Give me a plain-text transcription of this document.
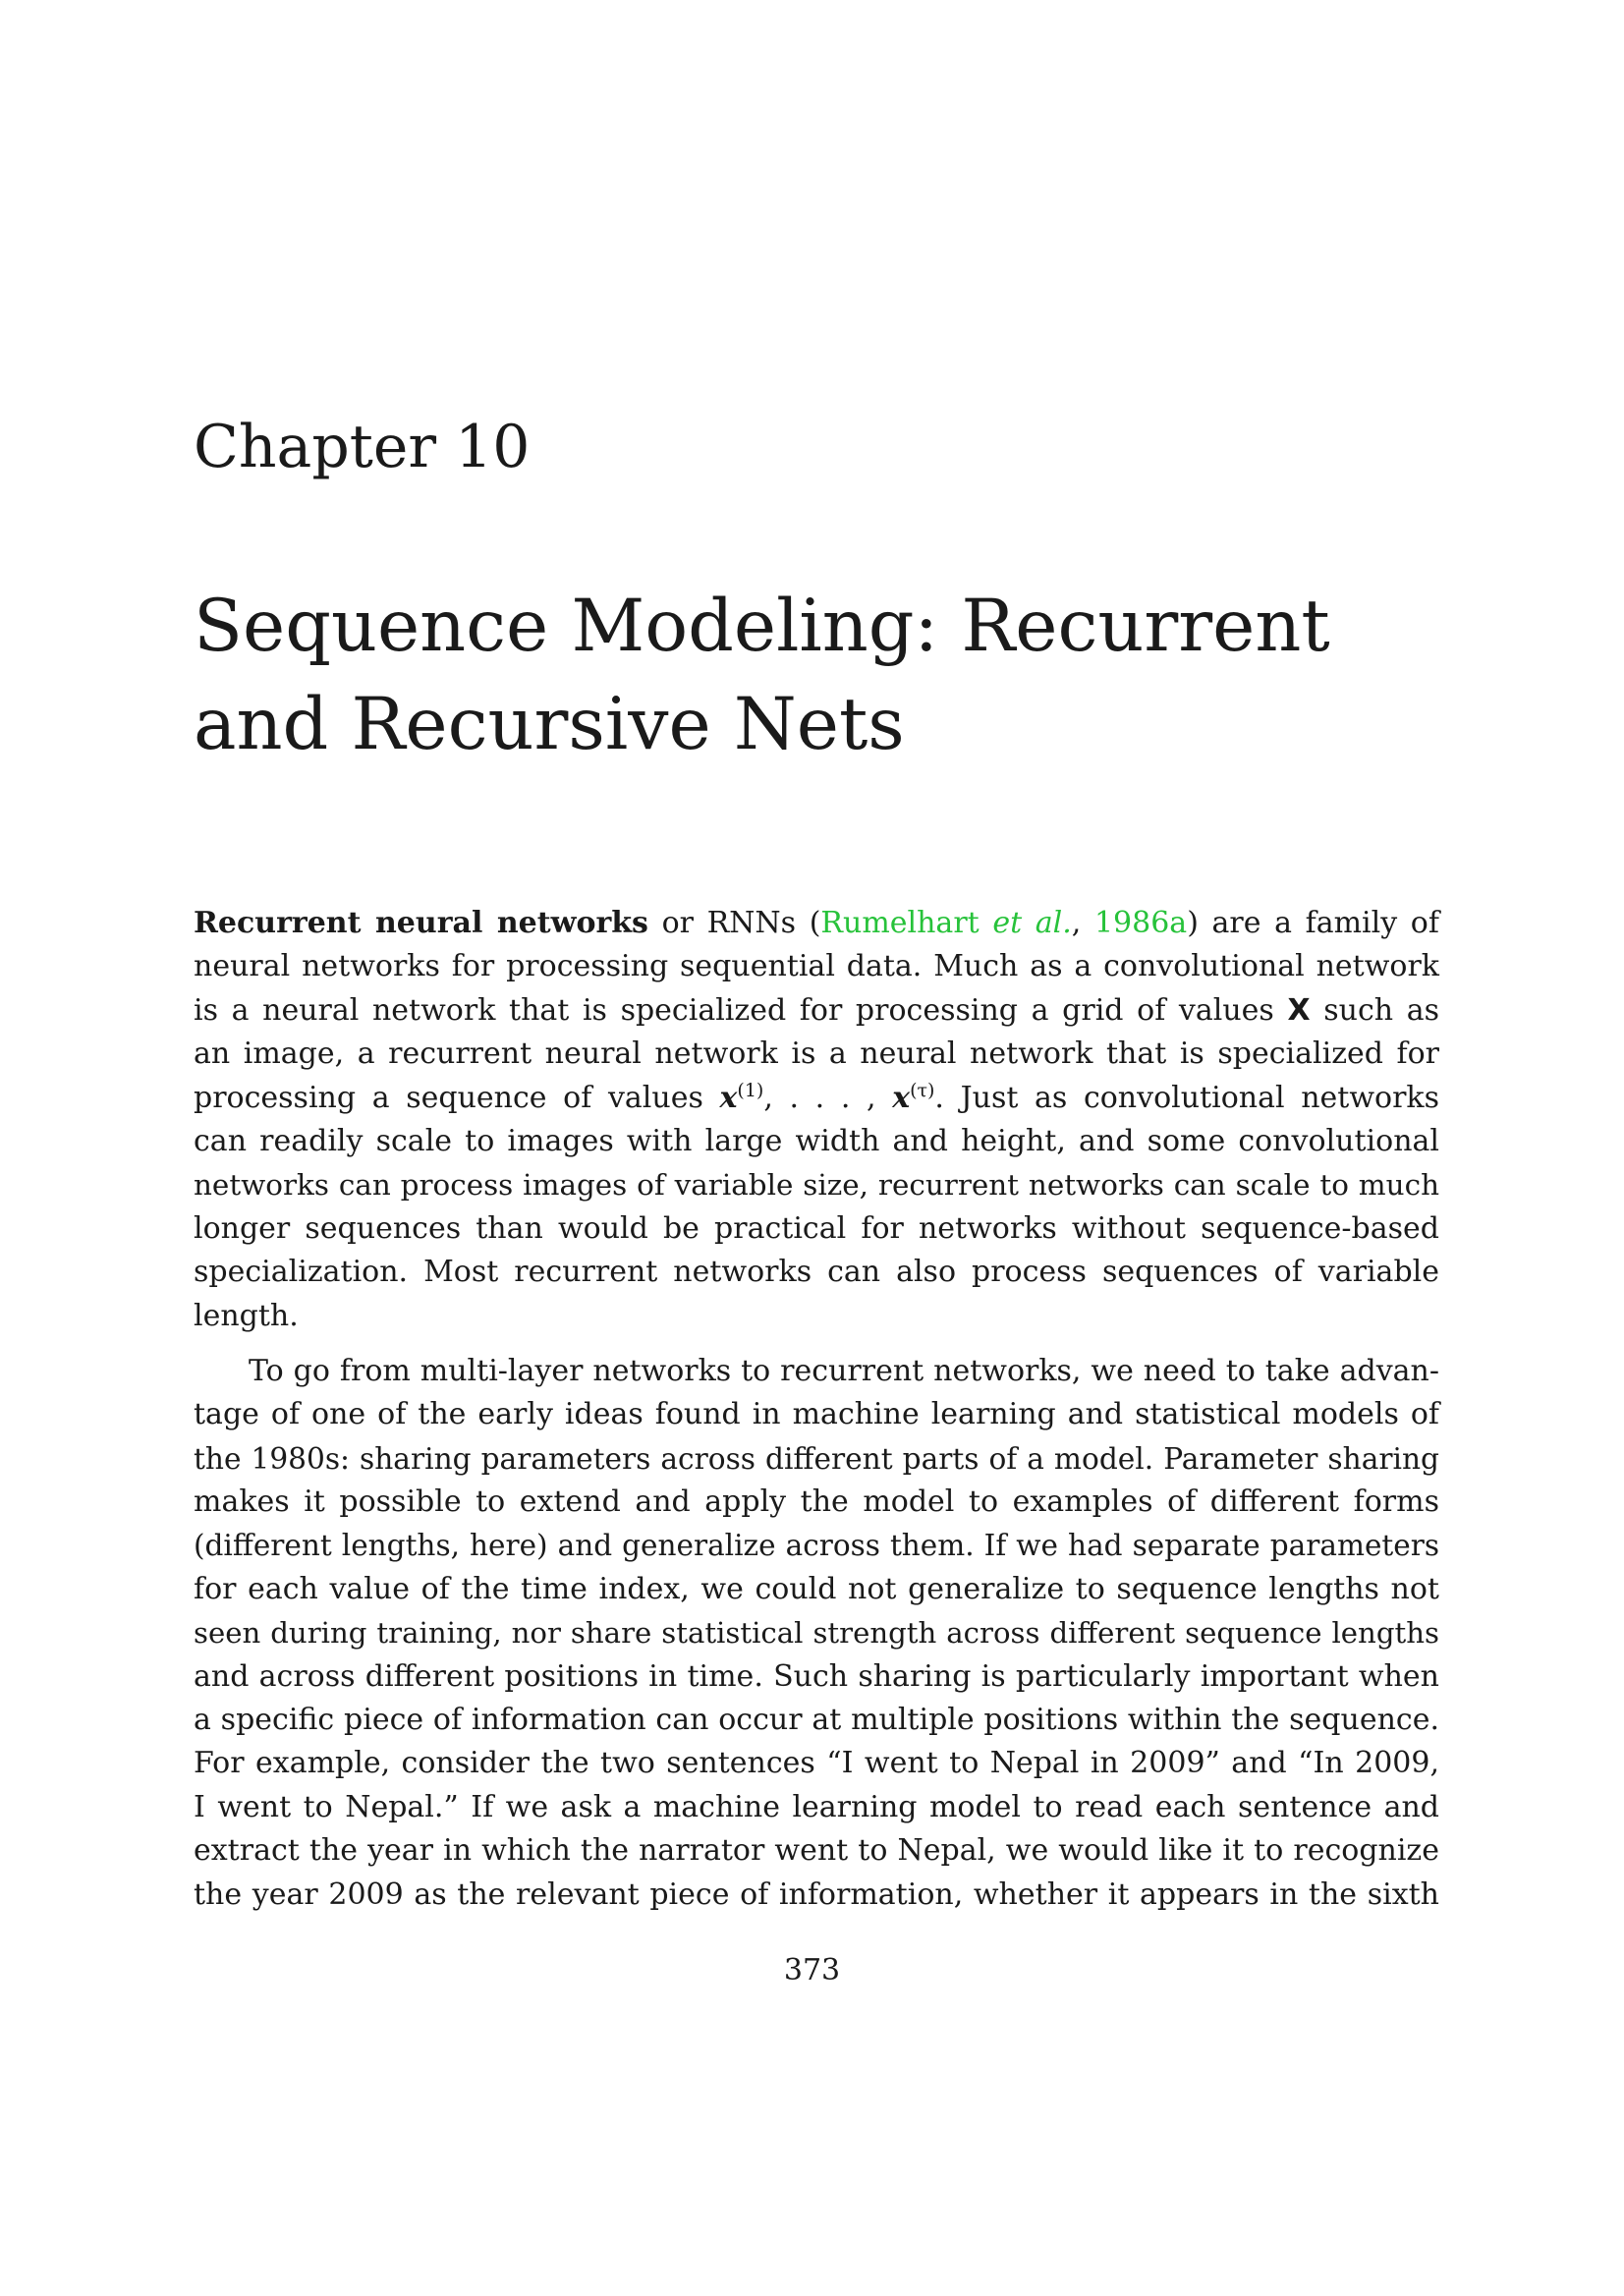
Chapter 10
Sequence Modeling: Recurrent
and Recursive Nets
Recurrent neural networks or RNNs (Rumelhart et al., 1986a) are a family of
neural networks for processing sequential data. Much as a convolutional network
is a neural network that is specialized for processing a grid of values X such as
an image, a recurrent neural network is a neural network that is specialized for
processing a sequence of values $x^{(1)}$, . . . , $x^{(\tau)}$. Just as convolutional networks
can readily scale to images with large width and height, and some convolutional
networks can process images of variable size, recurrent networks can scale to much
longer sequences than would be practical for networks without sequence-based
specialization. Most recurrent networks can also process sequences of variable
length.
To go from multi-layer networks to recurrent networks, we need to take advan-
tage of one of the early ideas found in machine learning and statistical models of
the 1980s: sharing parameters across different parts of a model. Parameter sharing
makes it possible to extend and apply the model to examples of different forms
(different lengths, here) and generalize across them. If we had separate parameters
for each value of the time index, we could not generalize to sequence lengths not
seen during training, nor share statistical strength across different sequence lengths
and across different positions in time. Such sharing is particularly important when
a specific piece of information can occur at multiple positions within the sequence.
For example, consider the two sentences “I went to Nepal in 2009” and “In 2009,
I went to Nepal.” If we ask a machine learning model to read each sentence and
extract the year in which the narrator went to Nepal, we would like it to recognize
the year 2009 as the relevant piece of information, whether it appears in the sixth
373
